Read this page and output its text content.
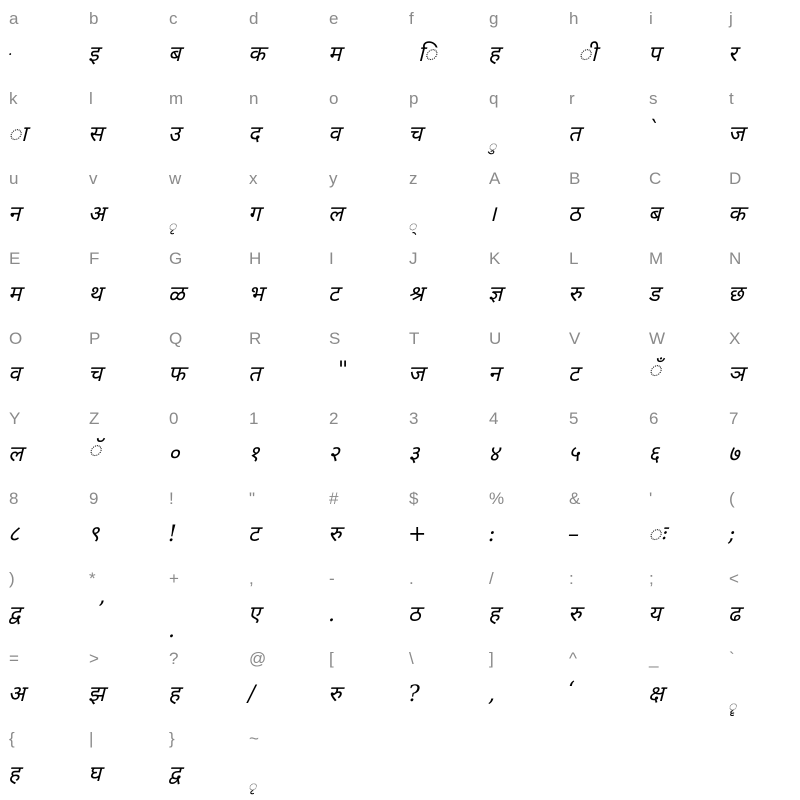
a
·
b
इ
c
ब
d
क
e
म
f
ि
g
ह
h
ी
i
प
j
र
k
ा
l
स
m
उ
n
द
o
व
p
च
q
ु
r
त
s
`
t
ज
u
न
v
अ
w
ृ
x
ग
y
ल
z
्
A
।
B
ठ
C
ब
D
क
E
म
F
थ
G
ळ
H
भ
I
ट
J
श्र
K
ज्ञ
L
रु
M
ड
N
छ
O
व
P
च
Q
फ
R
त
S
"
T
ज
U
न
V
ट
W
ँ
X
ञ
Y
ल
Z
ॅ
0
०
1
१
2
२
3
३
4
४
5
५
6
६
7
७
8
८
9
९
!
!
"
ट
#
रु
$
+
%
:
&
–
'
ः
(
;
)
द्व
*
’
+
.
,
ए
-
.
.
ठ
/
ह
:
रु
;
य
<
ढ
=
अ
>
झ
?
ह
@
/
[
रु
\
?
]
,
^
‘
_
क्ष
`
ॄ
{
ह
|
घ
}
द्व
~
ृ
